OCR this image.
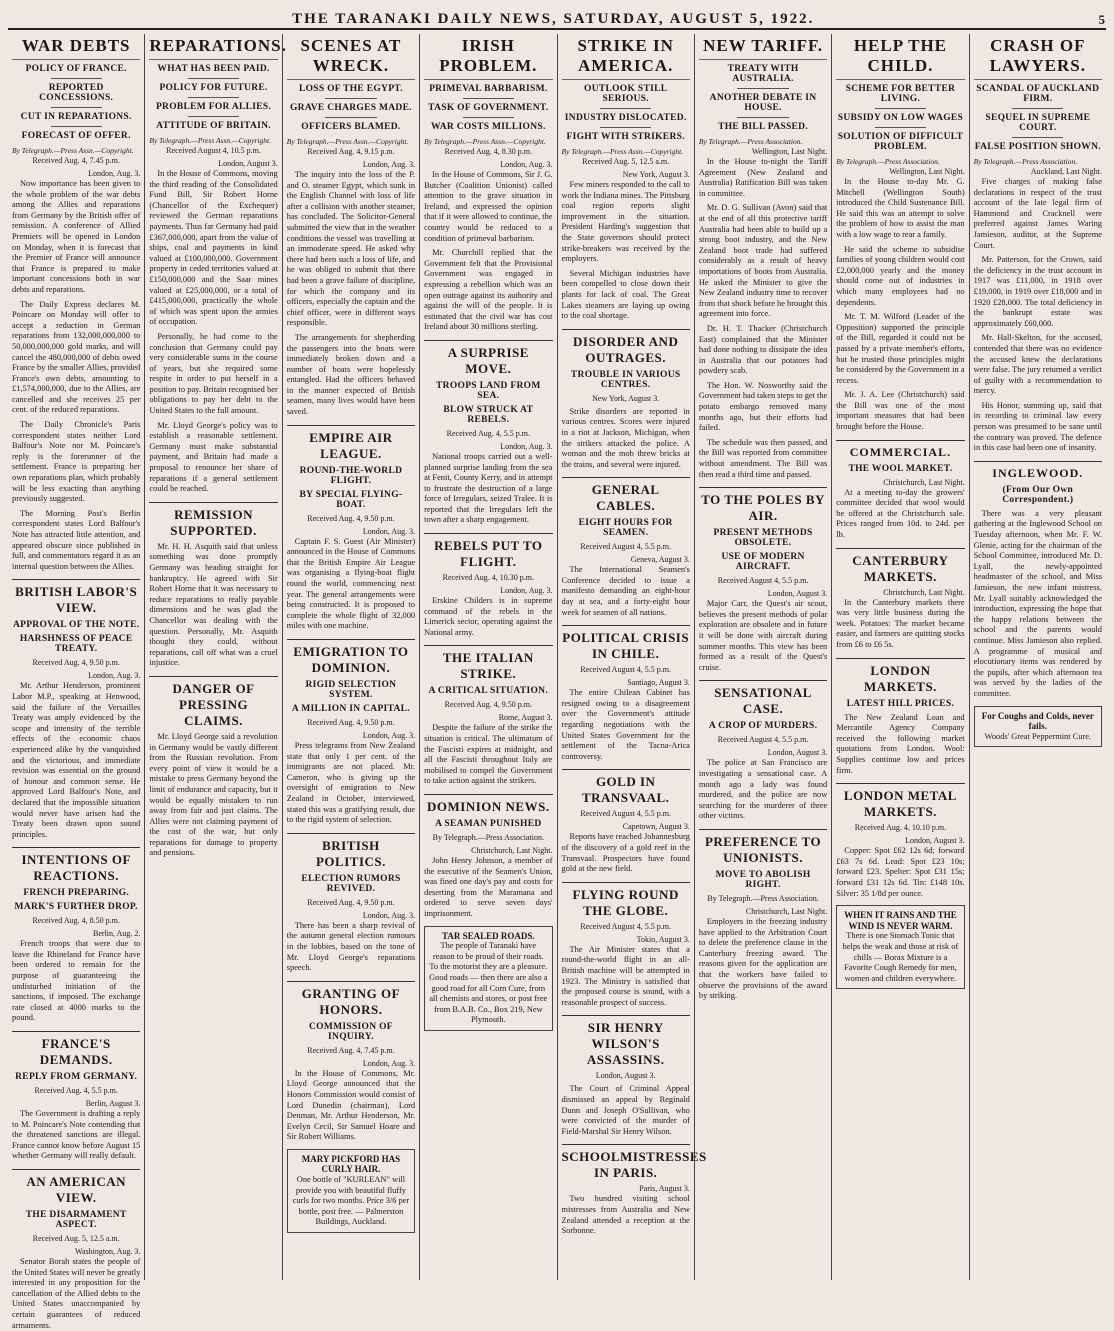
THE TARANAKI DAILY NEWS, SATURDAY, AUGUST 5, 1922.	5
WAR DEBTS
POLICY OF FRANCE.
REPORTED CONCESSIONS.
CUT IN REPARATIONS.
FORECAST OF OFFER.
By Telegraph.—Press Assn.—Copyright.
Received Aug. 4, 7.45 p.m.
London, Aug. 3.

Now importance has been given to the whole problem of the war debts among the Allies and reparations from Germany by the British offer of remission. A conference of Allied Premiers will be opened in London on Monday, when it is forecast that the Premier of France will announce that France is prepared to make important concessions both in war debts and reparations.

The Daily Express declares M. Poincare on Monday will offer to accept a reduction in German reparations from 132,000,000,000 to 50,000,000,000 gold marks, and will cancel the 480,000,000 of debts owed France by the smaller Allies, provided France's own debts, amounting to £1,574,000,000, due to the Allies, are cancelled and she receives 25 per cent. of the reduced reparations.

The Daily Chronicle's Paris correspondent states neither Lord Balfour's Note nor M. Poincare's reply is the forerunner of the settlement. France is preparing her own reparations plan, which probably will be less exacting than anything previously suggested.

The Morning Post's Berlin correspondent states Lord Balfour's Note has attracted little attention, and appeared obscure since published in full, and commentators regard it as an internal question between the Allies.

BRITISH LABOR'S VIEW.
APPROVAL OF THE NOTE.
HARSHNESS OF PEACE TREATY.
Received Aug. 4, 9.50 p.m.
London, Aug. 3.

Mr. Arthur Henderson, prominent Labor M.P., speaking at Henwood, said the failure of the Versailles Treaty was amply evidenced by the scope and intensity of the terrible effects of the economic chaos experienced alike by the vanquished and the victorious, and immediate revision was essential on the ground of honour and common sense. He approved Lord Balfour's Note, and declared that the impossible situation would never have arisen had the Treaty been drawn upon sound principles.

INTENTIONS OF REACTIONS.
FRENCH PREPARING.
MARK'S FURTHER DROP.
Received Aug. 4, 8.50 p.m.
Berlin, Aug. 2.

French troops that were due to leave the Rhineland for France have been ordered to remain for the purpose of guaranteeing the undisturbed initiation of the sanctions, if imposed. The exchange rate closed at 4000 marks to the pound.

FRANCE'S DEMANDS.
REPLY FROM GERMANY.
Received Aug. 4, 5.5 p.m.
Berlin, August 3.

The Government is drafting a reply to M. Poincare's Note contending that the threatened sanctions are illegal. France cannot know before August 15 whether Germany will really default.

AN AMERICAN VIEW.
THE DISARMAMENT ASPECT.
Received Aug. 5, 12.5 a.m.
Washington, Aug. 3.

Senator Borah states the people of the United States will never be greatly interested in any proposition for the cancellation of the Allied debts to the United States unaccompanied by certain guarantees of reduced armaments.

REPARATIONS.
WHAT HAS BEEN PAID.
POLICY FOR FUTURE.
PROBLEM FOR ALLIES.
ATTITUDE OF BRITAIN.
By Telegraph.—Press Assn.—Copyright.
Received August 4, 10.5 p.m.
London, August 3.

In the House of Commons, moving the third reading of the Consolidated Fund Bill, Sir Robert Horne (Chancellor of the Exchequer) reviewed the German reparations payments. Thus far Germany had paid £367,000,000, apart from the value of ships, coal and payments in kind valued at £100,000,000. Government property in ceded territories valued at £150,000,000 and the Saar mines valued at £25,000,000, or a total of £415,000,000, practically the whole of which was spent upon the armies of occupation.

Personally, he had come to the conclusion that Germany could pay very considerable sums in the course of years, but she required some respite in order to put herself in a position to pay. Britain recognised her obligations to pay her debt to the United States to the full amount.

Mr. Lloyd George's policy was to establish a reasonable settlement. Germany must make substantial payment, and Britain had made a proposal to renounce her share of reparations if a general settlement could be reached.

REMISSION SUPPORTED.

Mr. H. H. Asquith said that unless something was done promptly Germany was heading straight for bankruptcy. He agreed with Sir Robert Horne that it was necessary to reduce reparations to really payable dimensions and he was glad the Chancellor was dealing with the question. Personally, Mr. Asquith thought they could, without reparations, call off what was a cruel injustice.

DANGER OF PRESSING CLAIMS.

Mr. Lloyd George said a revolution in Germany would be vastly different from the Russian revolution. From every point of view it would be a mistake to press Germany beyond the limit of endurance and capacity, but it would be equally mistaken to run away from fair and just claims. The Allies were not claiming payment of the cost of the war, but only reparations for damage to property and pensions.

SCENES AT WRECK.
LOSS OF THE EGYPT.
GRAVE CHARGES MADE.
OFFICERS BLAMED.
By Telegraph.—Press Assn.—Copyright.
Received Aug. 4, 9.15 p.m.
London, Aug. 3.

The inquiry into the loss of the P. and O. steamer Egypt, which sunk in the English Channel with loss of life after a collision with another steamer, has concluded. The Solicitor-General submitted the view that in the weather conditions the vessel was travelling at an immoderate speed. He asked why there had been such a loss of life, and he was obliged to submit that there had been a grave failure of discipline, for which the company and its officers, especially the captain and the chief officer, were in different ways responsible.

The arrangements for shepherding the passengers into the boats were immediately broken down and a number of boats were hopelessly entangled. Had the officers behaved in the manner expected of British seamen, many lives would have been saved.

EMPIRE AIR LEAGUE.
ROUND-THE-WORLD FLIGHT.
BY SPECIAL FLYING-BOAT.
Received Aug. 4, 9.50 p.m.
London, Aug. 3.

Captain F. S. Guest (Air Minister) announced in the House of Commons that the British Empire Air League was organising a flying-boat flight round the world, commencing next year. The general arrangements were being constructed. It is proposed to complete the whole flight of 32,000 miles with one machine.

EMIGRATION TO DOMINION.
RIGID SELECTION SYSTEM.
A MILLION IN CAPITAL.
Received Aug. 4, 9.50 p.m.
London, Aug. 3.

Press telegrams from New Zealand state that only 1 per cent. of the immigrants are not placed. Mr. Cameron, who is giving up the oversight of emigration to New Zealand in October, interviewed, stated this was a gratifying result, due to the rigid system of selection.

BRITISH POLITICS.
ELECTION RUMORS REVIVED.
Received Aug. 4, 9.50 p.m.
London, Aug. 3.

There has been a sharp revival of the autumn general election rumours in the lobbies, based on the tone of Mr. Lloyd George's reparations speech.

GRANTING OF HONORS.
COMMISSION OF INQUIRY.
Received Aug. 4, 7.45 p.m.
London, Aug. 3.

In the House of Commons, Mr. Lloyd George announced that the Honors Commission would consist of Lord Dunedin (chairman), Lord Denman, Mr. Arthur Henderson, Mr. Evelyn Cecil, Sir Samuel Hoare and Sir Robert Williams.

MARY PICKFORD HAS CURLY HAIR.
One bottle of "KURLEAN" will provide you with beautiful fluffy curls for two months. Price 3/6 per bottle, post free. — Palmerston Buildings, Auckland.
IRISH PROBLEM.
PRIMEVAL BARBARISM.
TASK OF GOVERNMENT.
WAR COSTS MILLIONS.
By Telegraph.—Press Assn.—Copyright.
Received Aug. 4, 8.30 p.m.
London, Aug. 3.

In the House of Commons, Sir J. G. Butcher (Coalition Unionist) called attention to the grave situation in Ireland, and expressed the opinion that if it were allowed to continue, the country would be reduced to a condition of primeval barbarism.

Mr. Churchill replied that the Government felt that the Provisional Government was engaged in expressing a rebellion which was an open outrage against its authority and against the will of the people. It is estimated that the civil war has cost Ireland about 30 millions sterling.

A SURPRISE MOVE.
TROOPS LAND FROM SEA.
BLOW STRUCK AT REBELS.
Received Aug. 4, 5.5 p.m.
London, Aug. 3.

National troops carried out a well-planned surprise landing from the sea at Fenit, County Kerry, and in attempt to frustrate the destruction of a large force of Irregulars, seized Tralee. It is reported that the Irregulars left the town after a sharp engagement.

REBELS PUT TO FLIGHT.
Received Aug. 4, 10.30 p.m.
London, Aug. 3.

Erskine Childers is in supreme command of the rebels in the Limerick sector, operating against the National army.

THE ITALIAN STRIKE.
A CRITICAL SITUATION.
Received Aug. 4, 9.50 p.m.
Rome, August 3.

Despite the failure of the strike the situation is critical. The ultimatum of the Fascisti expires at midnight, and all the Fascisti throughout Italy are mobilised to compel the Government to take action against the strikers.

DOMINION NEWS.
A SEAMAN PUNISHED
By Telegraph.—Press Association.
Christchurch, Last Night.

John Henry Johnson, a member of the executive of the Seamen's Union, was fined one day's pay and costs for deserting from the Maramana and ordered to serve seven days' imprisonment.

TAR SEALED ROADS.
The people of Taranaki have reason to be proud of their roads. To the motorist they are a pleasure. Good roads — then there are also a good road for all Corn Cure, from all chemists and stores, or post free from B.A.B. Co., Box 219, New Plymouth.
STRIKE IN AMERICA.
OUTLOOK STILL SERIOUS.
INDUSTRY DISLOCATED.
FIGHT WITH STRIKERS.
By Telegraph.—Press Assn.—Copyright.
Received Aug. 5, 12.5 a.m.
New York, August 3.

Few miners responded to the call to work the Indiana mines. The Pittsburg coal region reports slight improvement in the situation. President Harding's suggestion that the State governors should protect strike-breakers was received by the employers.

Several Michigan industries have been compelled to close down their plants for lack of coal. The Great Lakes steamers are laying up owing to the coal shortage.

DISORDER AND OUTRAGES.
TROUBLE IN VARIOUS CENTRES.
New York, August 3.

Strike disorders are reported in various centres. Scores were injured in a riot at Jackson, Michigan, when the strikers attacked the police. A woman and the mob threw bricks at the trains, and several were injured.

GENERAL CABLES.
EIGHT HOURS FOR SEAMEN.
Received August 4, 5.5 p.m.
Geneva, August 3.

The International Seamen's Conference decided to issue a manifesto demanding an eight-hour day at sea, and a forty-eight hour week for seamen of all nations.

POLITICAL CRISIS IN CHILE.
Received August 4, 5.5 p.m.
Santiago, August 3.

The entire Chilean Cabinet has resigned owing to a disagreement over the Government's attitude regarding negotiations with the United States Government for the settlement of the Tacna-Arica controversy.

GOLD IN TRANSVAAL.
Received August 4, 5.5 p.m.
Capetown, August 3.

Reports have reached Johannesburg of the discovery of a gold reef in the Transvaal. Prospectors have found gold at the new field.

FLYING ROUND THE GLOBE.
Received August 4, 5.5 p.m.
Tokio, August 3.

The Air Minister states that a round-the-world flight in an all-British machine will be attempted in 1923. The Ministry is satisfied that the proposed course is sound, with a reasonable prospect of success.

SIR HENRY WILSON'S ASSASSINS.
London, August 3.

The Court of Criminal Appeal dismissed an appeal by Reginald Dunn and Joseph O'Sullivan, who were convicted of the murder of Field-Marshal Sir Henry Wilson.

SCHOOLMISTRESSES IN PARIS.
Paris, August 3.

Two hundred visiting school mistresses from Australia and New Zealand attended a reception at the Sorbonne.

NEW TARIFF.
TREATY WITH AUSTRALIA.
ANOTHER DEBATE IN HOUSE.
THE BILL PASSED.
By Telegraph.—Press Association.
Wellington, Last Night.

In the House to-night the Tariff Agreement (New Zealand and Australia) Ratification Bill was taken in committee.

Mr. D. G. Sullivan (Avon) said that at the end of all this protective tariff Australia had been able to build up a strong boot industry, and the New Zealand boot trade had suffered considerably as a result of heavy importations of boots from Australia. He asked the Minister to give the New Zealand industry time to recover from that shock before he brought this agreement into force.

Dr. H. T. Thacker (Christchurch East) complained that the Minister had done nothing to dissipate the idea in Australia that our potatoes had powdery scab.

The Hon. W. Nosworthy said the Government had taken steps to get the potato embargo removed many months ago, but their efforts had failed.

The schedule was then passed, and the Bill was reported from committee without amendment. The Bill was then read a third time and passed.

TO THE POLES BY AIR.
PRESENT METHODS OBSOLETE.
USE OF MODERN AIRCRAFT.
Received August 4, 5.5 p.m.
London, August 3.

Major Carr, the Quest's air scout, believes the present methods of polar exploration are obsolete and in future it will be done with aircraft during summer months. This view has been formed as a result of the Quest's cruise.

SENSATIONAL CASE.
A CROP OF MURDERS.
Received August 4, 5.5 p.m.
London, August 3.

The police at San Francisco are investigating a sensational case. A month ago a lady was found murdered, and the police are now searching for the murderer of three other victims.

PREFERENCE TO UNIONISTS.
MOVE TO ABOLISH RIGHT.
By Telegraph.—Press Association.
Christchurch, Last Night.

Employers in the freezing industry have applied to the Arbitration Court to delete the preference clause in the Canterbury freezing award. The reasons given for the application are that the workers have failed to observe the provisions of the award by striking.

HELP THE CHILD.
SCHEME FOR BETTER LIVING.
SUBSIDY ON LOW WAGES
SOLUTION OF DIFFICULT PROBLEM.
By Telegraph.—Press Association.
Wellington, Last Night.

In the House to-day Mr. G. Mitchell (Wellington South) introduced the Child Sustenance Bill. He said this was an attempt to solve the problem of how to assist the man with a low wage to rear a family.

He said the scheme to subsidise families of young children would cost £2,000,000 yearly and the money should come out of industries in which many employees had no dependents.

Mr. T. M. Wilford (Leader of the Opposition) supported the principle of the Bill, regarded it could not be passed by a private member's efforts, but he trusted those principles might be considered by the Government in a recess.

Mr. J. A. Lee (Christchurch) said the Bill was one of the most important measures that had been brought before the House.

COMMERCIAL.
THE WOOL MARKET.
Christchurch, Last Night.

At a meeting to-day the growers' committee decided that wool would be offered at the Christchurch sale. Prices ranged from 10d. to 24d. per lb.

CANTERBURY MARKETS.
Christchurch, Last Night.

In the Canterbury markets there was very little business during the week. Potatoes: The market became easier, and farmers are quitting stocks from £6 to £6 5s.

LONDON MARKETS.
LATEST HILL PRICES.

The New Zealand Loan and Mercantile Agency Company received the following market quotations from London. Wool: Supplies continue low and prices firm.

LONDON METAL MARKETS.
Received Aug. 4, 10.10 p.m.
London, August 3.

Copper: Spot £62 12s 6d; forward £63 7s 6d. Lead: Spot £23 10s; forward £23. Spelter: Spot £31 15s; forward £31 12s 6d. Tin: £148 10s. Silver: 35 1/8d per ounce.

WHEN IT RAINS AND THE WIND IS NEVER WARM.
There is one Stomach Tonic that helps the weak and those at risk of chills — Borax Mixture is a Favorite Cough Remedy for men, women and children everywhere.
CRASH OF LAWYERS.
SCANDAL OF AUCKLAND FIRM.
SEQUEL IN SUPREME COURT.
FALSE POSITION SHOWN.
By Telegraph.—Press Association.
Auckland, Last Night.

Five charges of making false declarations in respect of the trust account of the late legal firm of Hammond and Cracknell were preferred against James Waring Jamieson, auditor, at the Supreme Court.

Mr. Patterson, for the Crown, said the deficiency in the trust account in 1917 was £11,000, in 1918 over £19,000, in 1919 over £18,000 and in 1920 £28,000. The total deficiency in the bankrupt estate was approximately £60,000.

Mr. Hall-Skelton, for the accused, contended that there was no evidence the accused knew the declarations were false. The jury returned a verdict of guilty with a recommendation to mercy.

His Honor, summing up, said that in recording to criminal law every person was presumed to be sane until the contrary was proved. The defence in this case had been one of insanity.

INGLEWOOD.
(From Our Own Correspondent.)

There was a very pleasant gathering at the Inglewood School on Tuesday afternoon, when Mr. F. W. Glenie, acting for the chairman of the School Committee, introduced Mr. D. Lyall, the newly-appointed headmaster of the school, and Miss Jamieson, the new infant mistress. Mr. Lyall suitably acknowledged the introduction, expressing the hope that the happy relations between the school and the parents would continue. Miss Jamieson also replied. A programme of musical and elocutionary items was rendered by the pupils, after which afternoon tea was served by the ladies of the committee.

For Coughs and Colds, never fails.
Woods' Great Peppermint Cure.
